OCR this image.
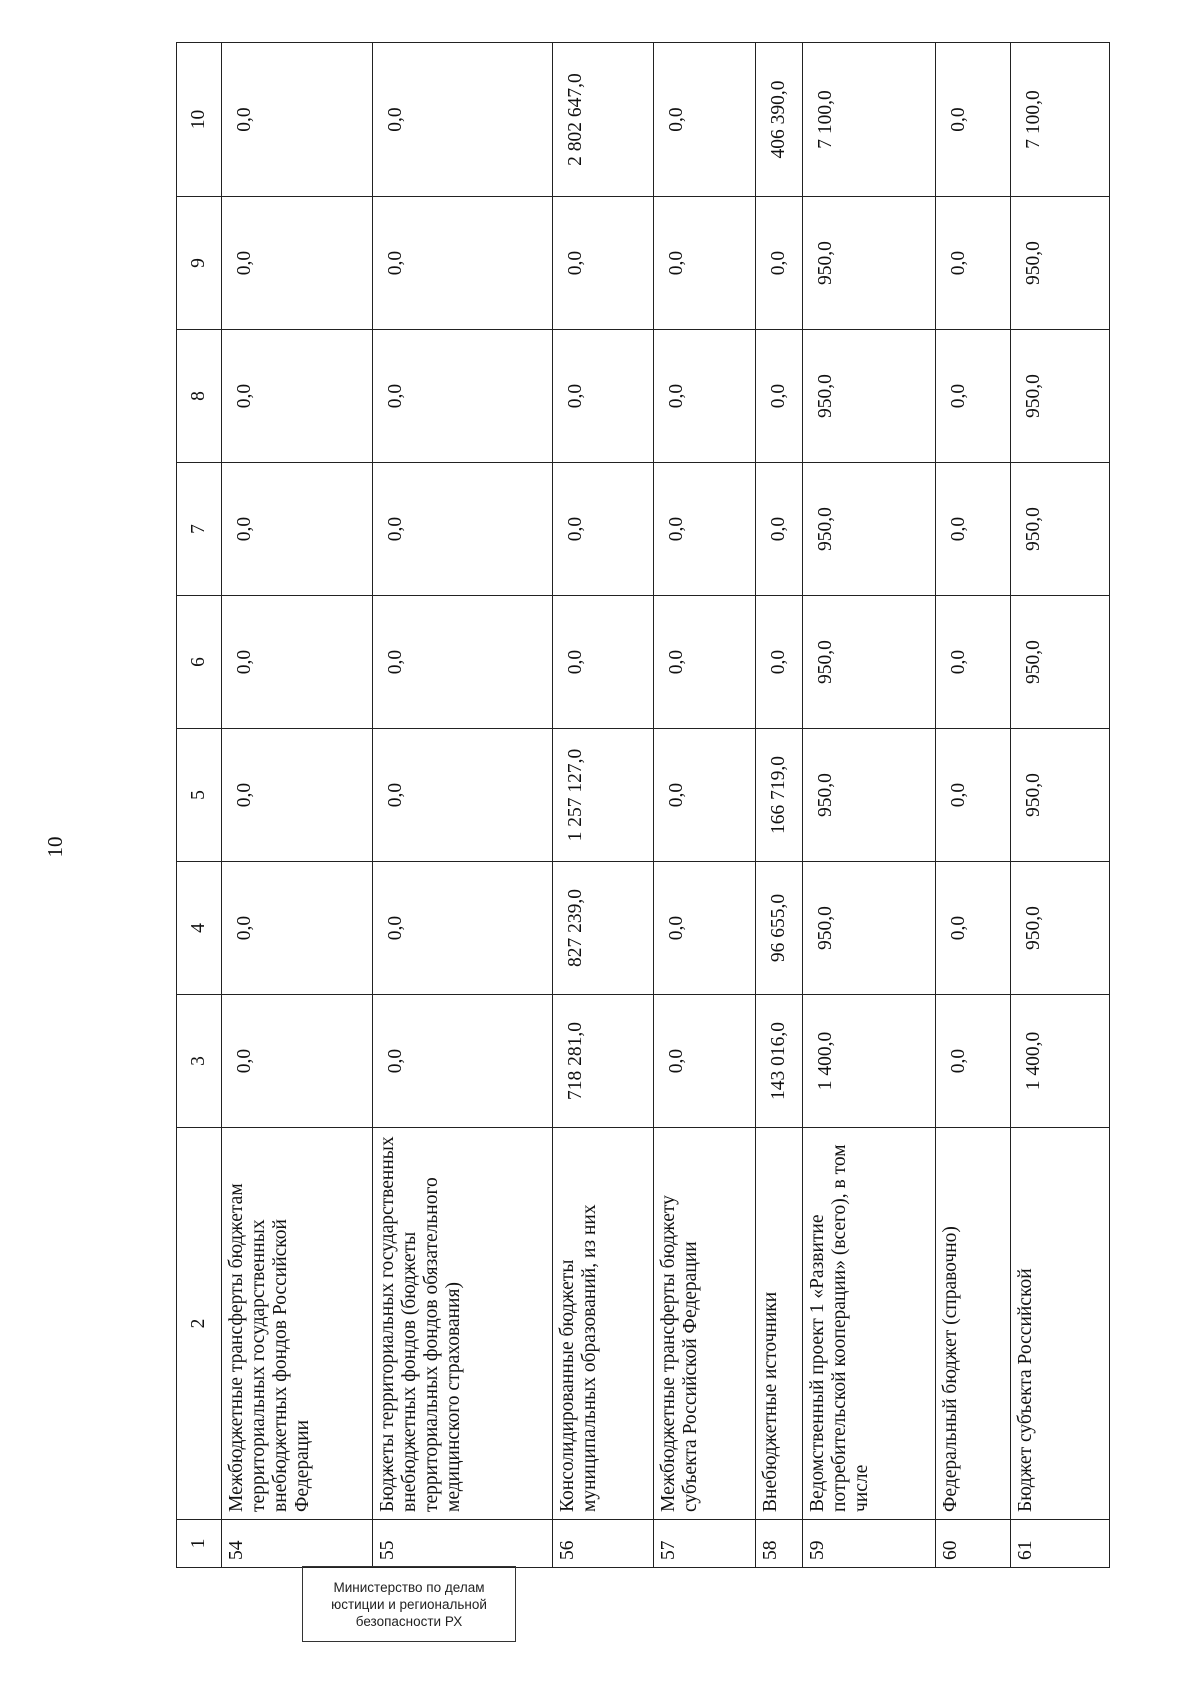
10
1	2	3	4	5	6	7	8	9	10
54	Межбюджетные трансферты бюджетам территориальных государственных внебюджетных фондов Российской Федерации	0,0	0,0	0,0	0,0	0,0	0,0	0,0	0,0
55	Бюджеты территориальных государственных внебюджетных фондов (бюджеты территориальных фондов обязательного медицинского страхования)	0,0	0,0	0,0	0,0	0,0	0,0	0,0	0,0
56	Консолидированные бюджеты муниципальных образований, из них	718 281,0	827 239,0	1 257 127,0	0,0	0,0	0,0	0,0	2 802 647,0
57	Межбюджетные трансферты бюджету субъекта Российской Федерации	0,0	0,0	0,0	0,0	0,0	0,0	0,0	0,0
58	Внебюджетные источники	143 016,0	96 655,0	166 719,0	0,0	0,0	0,0	0,0	406 390,0
59	Ведомственный проект 1 «Развитие потребительской кооперации» (всего), в том числе	1 400,0	950,0	950,0	950,0	950,0	950,0	950,0	7 100,0
60	Федеральный бюджет (справочно)	0,0	0,0	0,0	0,0	0,0	0,0	0,0	0,0
61	Бюджет субъекта Российской	1 400,0	950,0	950,0	950,0	950,0	950,0	950,0	7 100,0
Министерство по делам
юстиции и региональной
безопасности РХ
